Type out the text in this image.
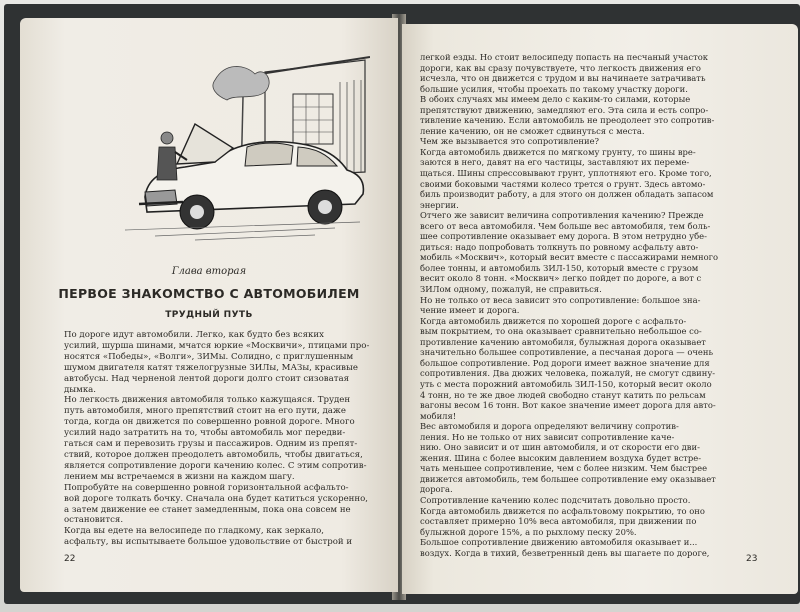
Глава вторая
ПЕРВОЕ ЗНАКОМСТВО С АВТОМОБИЛЕМ
ТРУДНЫЙ ПУТЬ
По дороге идут автомобили. Легко, как будто без всяких
усилий, шурша шинами, мчатся юркие «Москвичи», птицами про-
носятся «Победы», «Волги», ЗИМы. Солидно, с приглушенным
шумом двигателя катят тяжелогрузные ЗИЛы, МАЗы, красивые
автобусы. Над черненой лентой дороги долго стоит сизоватая
дымка.
Но легкость движения автомобиля только кажущаяся. Труден
путь автомобиля, много препятствий стоит на его пути, даже
тогда, когда он движется по совершенно ровной дороге. Много
усилий надо затратить на то, чтобы автомобиль мог передви-
гаться сам и перевозить грузы и пассажиров. Одним из препят-
ствий, которое должен преодолеть автомобиль, чтобы двигаться,
является сопротивление дороги качению колес. С этим сопротив-
лением мы встречаемся в жизни на каждом шагу.
Попробуйте на совершенно ровной горизонтальной асфальто-
вой дороге толкать бочку. Сначала она будет катиться ускоренно,
а затем движение ее станет замедленным, пока она совсем не
остановится.
Когда вы едете на велосипеде по гладкому, как зеркало,
асфальту, вы испытываете большое удовольствие от быстрой и
22
легкой езды. Но стоит велосипеду попасть на песчаный участок
дороги, как вы сразу почувствуете, что легкость движения его
исчезла, что он движется с трудом и вы начинаете затрачивать
большие усилия, чтобы проехать по такому участку дороги.
В обоих случаях мы имеем дело с каким-то силами, которые
препятствуют движению, замедляют его. Эта сила и есть сопро-
тивление качению. Если автомобиль не преодолеет это сопротив-
ление качению, он не сможет сдвинуться с места.
Чем же вызывается это сопротивление?
Когда автомобиль движется по мягкому грунту, то шины вре-
заются в него, давят на его частицы, заставляют их переме-
щаться. Шины спрессовывают грунт, уплотняют его. Кроме того,
своими боковыми частями колесо трется о грунт. Здесь автомо-
биль производит работу, а для этого он должен обладать запасом
энергии.
Отчего же зависит величина сопротивления качению? Прежде
всего от веса автомобиля. Чем больше вес автомобиля, тем боль-
шее сопротивление оказывает ему дорога. В этом нетрудно убе-
диться: надо попробовать толкнуть по ровному асфальту авто-
мобиль «Москвич», который весит вместе с пассажирами немного
более тонны, и автомобиль ЗИЛ-150, который вместе с грузом
весит около 8 тонн. «Москвич» легко пойдет по дороге, а вот с
ЗИЛом одному, пожалуй, не справиться.
Но не только от веса зависит это сопротивление: большое зна-
чение имеет и дорога.
Когда автомобиль движется по хорошей дороге с асфальто-
вым покрытием, то она оказывает сравнительно небольшое со-
противление качению автомобиля, булыжная дорога оказывает
значительно большее сопротивление, а песчаная дорога — очень
большое сопротивление. Род дороги имеет важное значение для
сопротивления. Два дюжих человека, пожалуй, не смогут сдвину-
уть с места порожний автомобиль ЗИЛ-150, который весит около
4 тонн, но те же двое людей свободно станут катить по рельсам
вагоны весом 16 тонн. Вот какое значение имеет дорога для авто-
мобиля!
Вес автомобиля и дорога определяют величину сопротив-
ления. Но не только от них зависит сопротивление каче-
нию. Оно зависит и от шин автомобиля, и от скорости его дви-
жения. Шина с более высоким давлением воздуха будет встре-
чать меньшее сопротивление, чем с более низким. Чем быстрее
движется автомобиль, тем большее сопротивление ему оказывает
дорога.
Сопротивление качению колес подсчитать довольно просто.
Когда автомобиль движется по асфальтовому покрытию, то оно
составляет примерно 10% веса автомобиля, при движении по
булыжной дороге 15%, а по рыхлому песку 20%.
Большое сопротивление движению автомобиля оказывает и...
воздух. Когда в тихий, безветренный день вы шагаете по дороге,
23
